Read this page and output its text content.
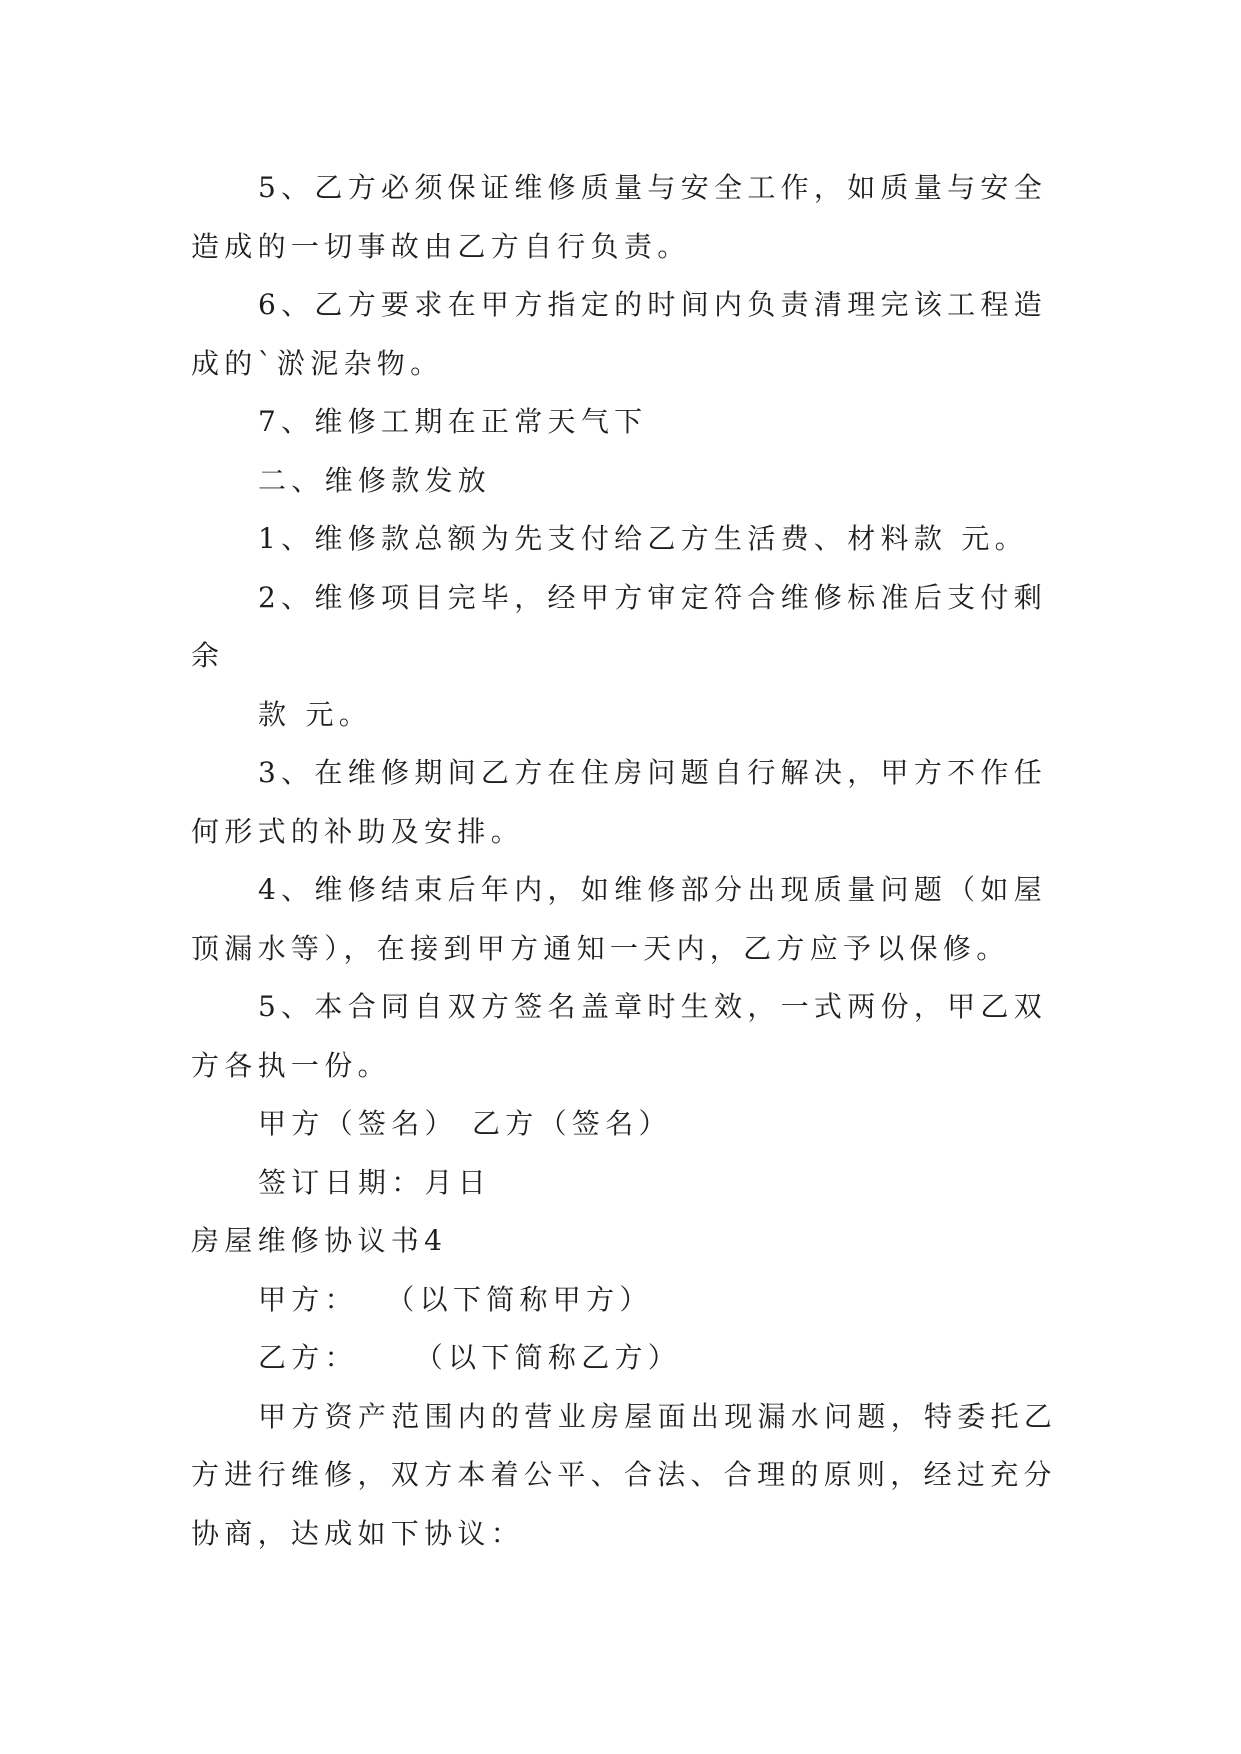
5、乙方必须保证维修质量与安全工作，如质量与安全
造成的一切事故由乙方自行负责。
6、乙方要求在甲方指定的时间内负责清理完该工程造
成的`淤泥杂物。
7、维修工期在正常天气下
二、维修款发放
1、维修款总额为先支付给乙方生活费、材料款 元。
2、维修项目完毕，经甲方审定符合维修标准后支付剩
余
款 元。
3、在维修期间乙方在住房问题自行解决，甲方不作任
何形式的补助及安排。
4、维修结束后年内，如维修部分出现质量问题（如屋
顶漏水等），在接到甲方通知一天内，乙方应予以保修。
5、本合同自双方签名盖章时生效，一式两份，甲乙双
方各执一份。
甲方（签名） 乙方（签名）
签订日期：月日
房屋维修协议书4
甲方：  （以下简称甲方）
乙方：    （以下简称乙方）
甲方资产范围内的营业房屋面出现漏水问题，特委托乙
方进行维修，双方本着公平、合法、合理的原则，经过充分
协商，达成如下协议：
